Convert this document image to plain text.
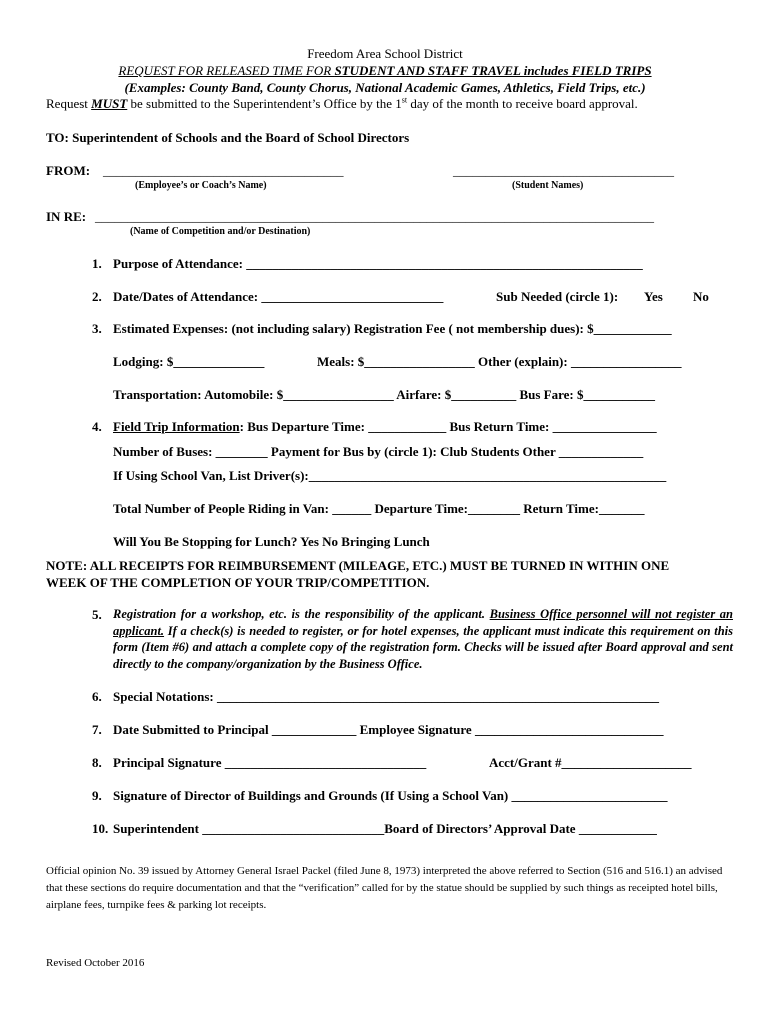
Freedom Area School District
REQUEST FOR RELEASED TIME FOR STUDENT AND STAFF TRAVEL includes FIELD TRIPS
(Examples: County Band, County Chorus, National Academic Games, Athletics, Field Trips, etc.)
Request MUST be submitted to the Superintendent’s Office by the 1st day of the month to receive board approval.
TO: Superintendent of Schools and the Board of School Directors
FROM: _____________________________________	__________________________________
(Employee’s or Coach’s Name)	(Student Names)
IN RE: ______________________________________________________________________________________
(Name of Competition and/or Destination)
1. Purpose of Attendance: _____________________________________________________________
2. Date/Dates of Attendance: ____________________________	Sub Needed (circle 1): Yes No
3. Estimated Expenses: (not including salary) Registration Fee ( not membership dues): $____________
Lodging: $______________	Meals: $_________________ Other (explain): _________________
Transportation: Automobile: $_________________ Airfare: $__________ Bus Fare: $___________
4. Field Trip Information: Bus Departure Time: ____________ Bus Return Time: ________________
Number of Buses: ________ Payment for Bus by (circle 1): Club Students Other _____________
If Using School Van, List Driver(s):_______________________________________________________
Total Number of People Riding in Van: ______ Departure Time:________ Return Time:_______
Will You Be Stopping for Lunch? Yes No Bringing Lunch
NOTE: ALL RECEIPTS FOR REIMBURSEMENT (MILEAGE, ETC.) MUST BE TURNED IN WITHIN ONE
WEEK OF THE COMPLETION OF YOUR TRIP/COMPETITION.
5. Registration for a workshop, etc. is the responsibility of the applicant. Business Office personnel will not register an applicant. If a check(s) is needed to register, or for hotel expenses, the applicant must indicate this requirement on this form (Item #6) and attach a complete copy of the registration form. Checks will be issued after Board approval and sent directly to the company/organization by the Business Office.
6. Special Notations: ____________________________________________________________________
7. Date Submitted to Principal _____________ Employee Signature _____________________________
8. Principal Signature _______________________________	Acct/Grant #____________________
9. Signature of Director of Buildings and Grounds (If Using a School Van) ________________________
10. Superintendent ____________________________Board of Directors’ Approval Date ____________
Official opinion No. 39 issued by Attorney General Israel Packel (filed June 8, 1973) interpreted the above referred to Section (516 and 516.1) an advised that these sections do require documentation and that the “verification” called for by the statue should be supplied by such things as receipted hotel bills, airplane fees, turnpike fees & parking lot receipts.
Revised October 2016
